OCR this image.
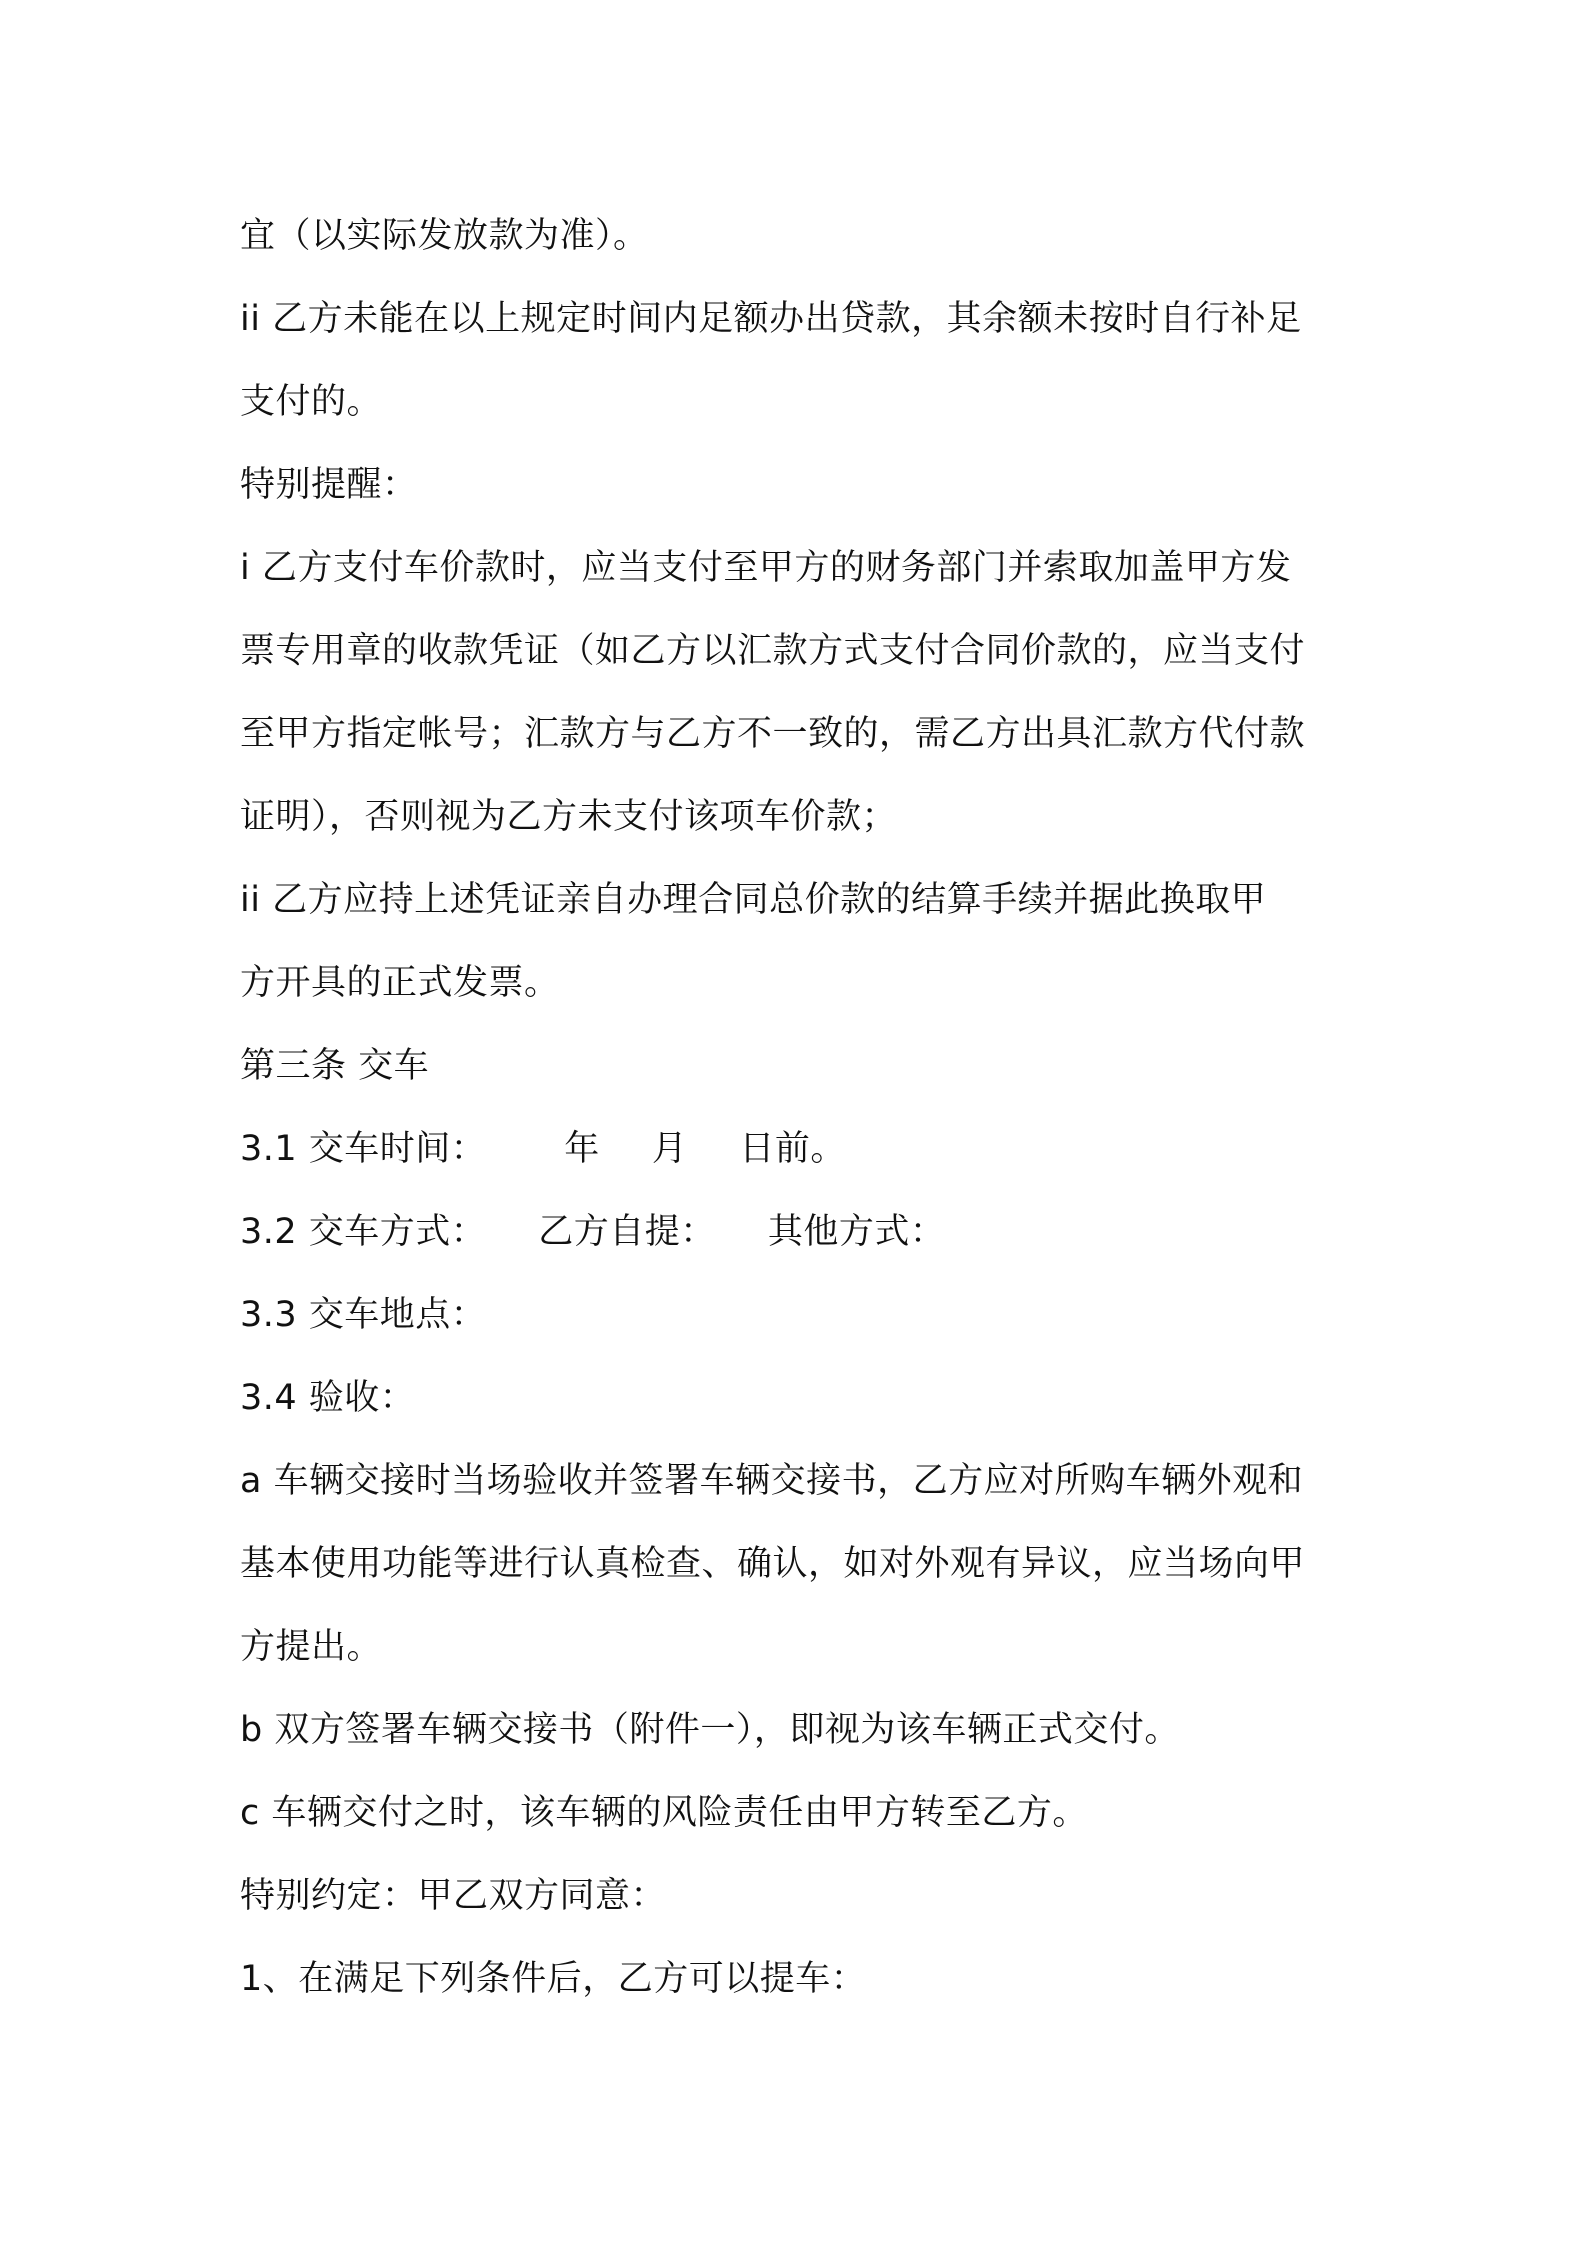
宜（以实际发放款为准）。
ii 乙方未能在以上规定时间内足额办出贷款，其余额未按时自行补足
支付的。
特别提醒：
i 乙方支付车价款时，应当支付至甲方的财务部门并索取加盖甲方发
票专用章的收款凭证（如乙方以汇款方式支付合同价款的，应当支付
至甲方指定帐号；汇款方与乙方不一致的，需乙方出具汇款方代付款
证明），否则视为乙方未支付该项车价款；
ii 乙方应持上述凭证亲自办理合同总价款的结算手续并据此换取甲
方开具的正式发票。
第三条 交车
3.1 交车时间： 年 月 日前。
3.2 交车方式： 乙方自提： 其他方式：
3.3 交车地点：
3.4 验收：
a 车辆交接时当场验收并签署车辆交接书，乙方应对所购车辆外观和
基本使用功能等进行认真检查、确认，如对外观有异议，应当场向甲
方提出。
b 双方签署车辆交接书（附件一），即视为该车辆正式交付。
c 车辆交付之时，该车辆的风险责任由甲方转至乙方。
特别约定：甲乙双方同意：
1、在满足下列条件后，乙方可以提车：
